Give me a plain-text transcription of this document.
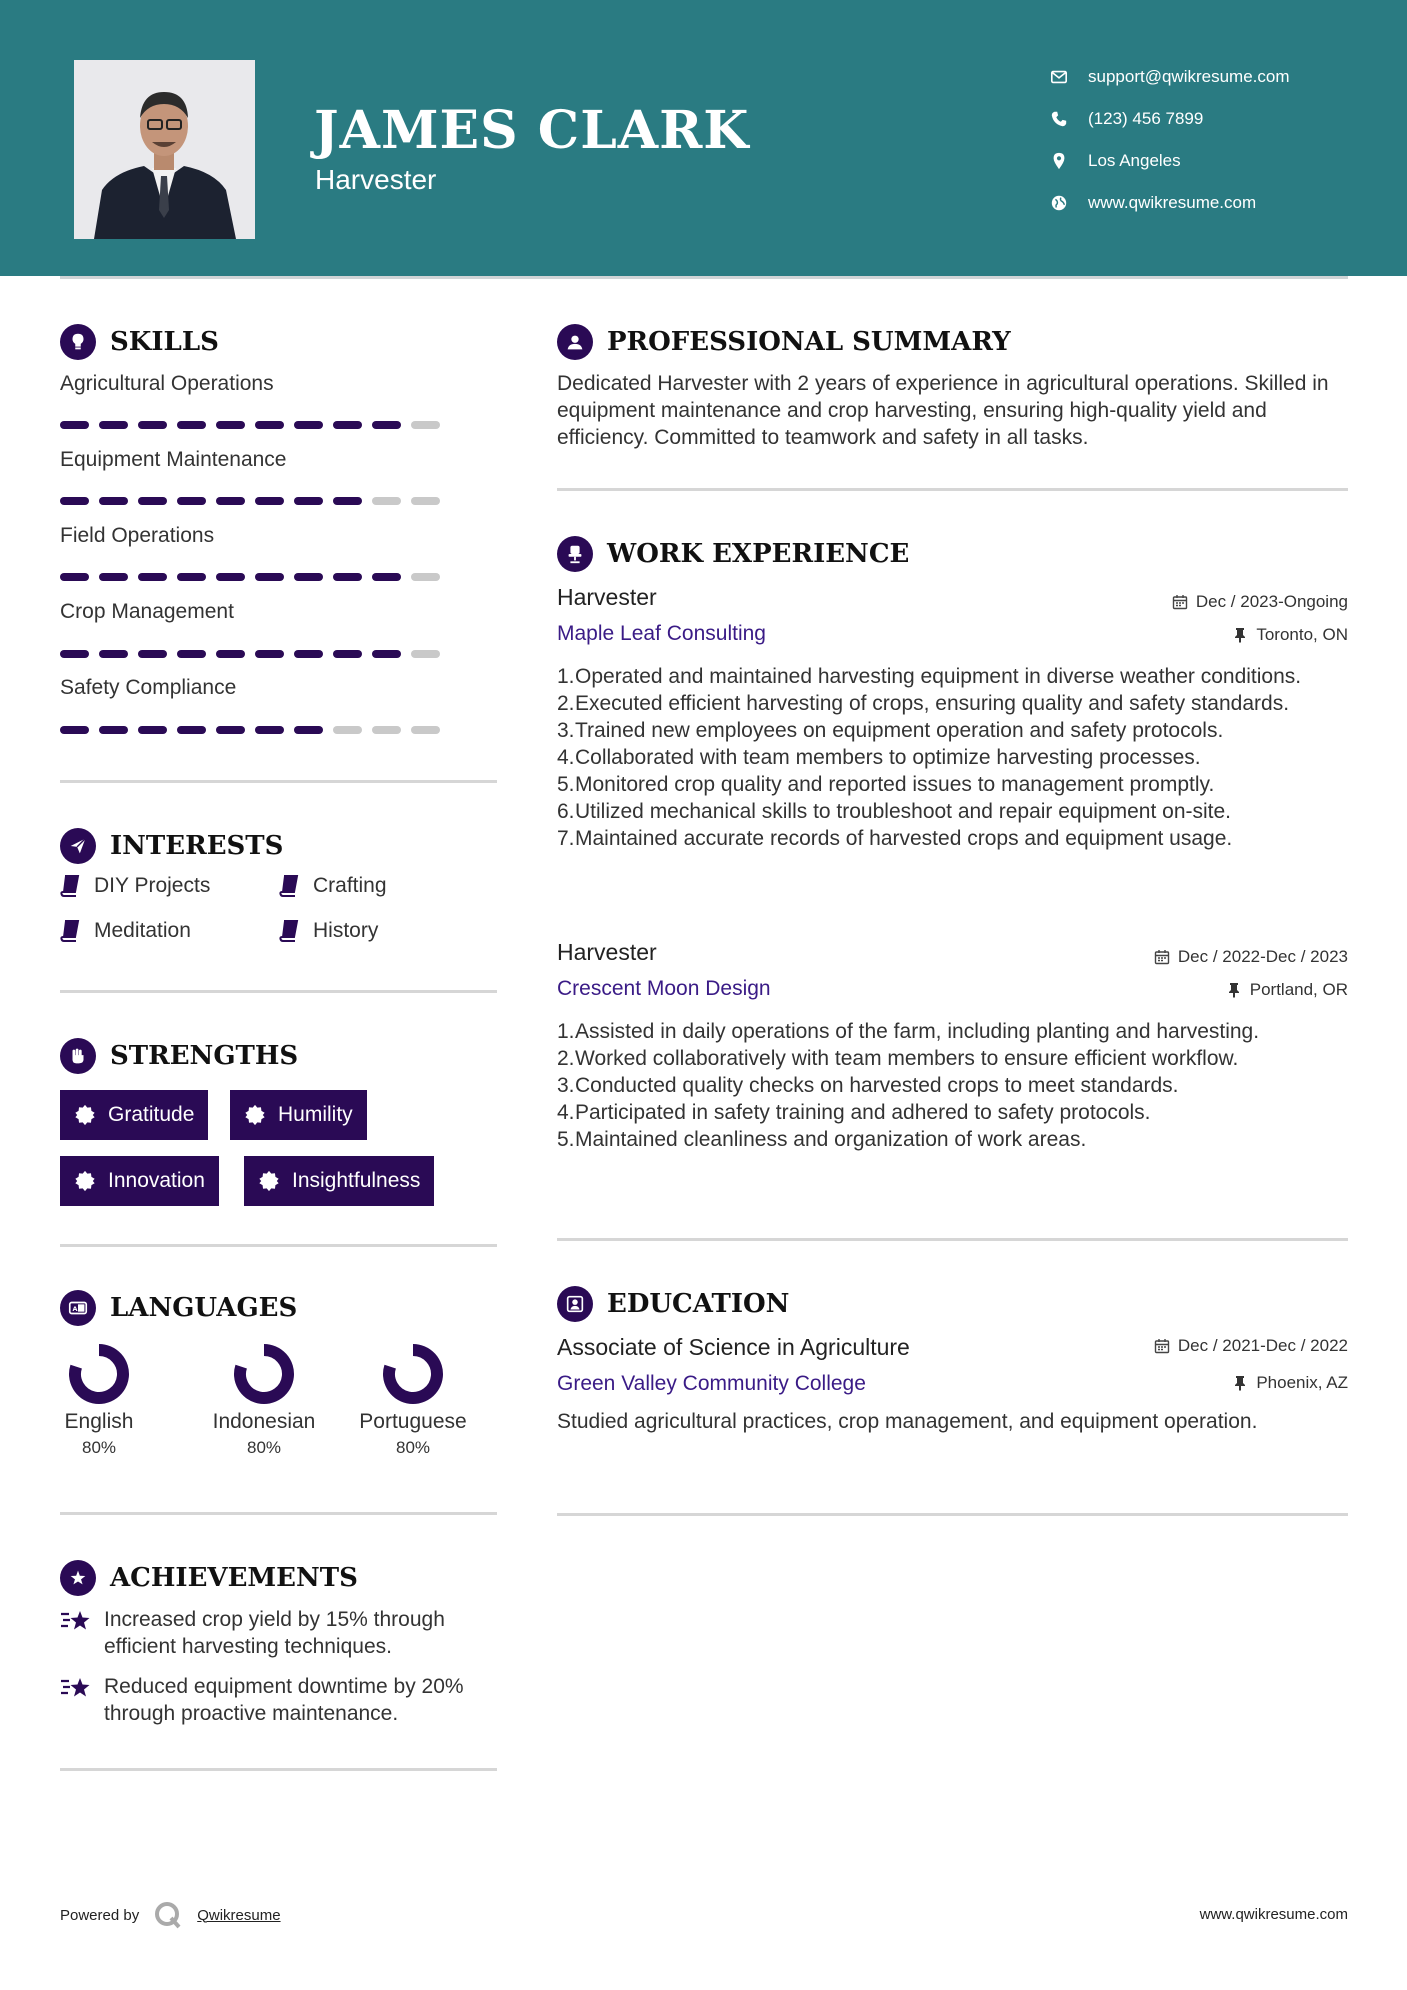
JAMES CLARK
Harvester
support@qwikresume.com
(123) 456 7899
Los Angeles
www.qwikresume.com
SKILLS
Agricultural Operations
Equipment Maintenance
Field Operations
Crop Management
Safety Compliance
INTERESTS
DIY Projects	Crafting
Meditation	History
STRENGTHS
Gratitude	Humility
Innovation	Insightfulness
A LANGUAGES
English
80%
Indonesian
80%
Portuguese
80%
ACHIEVEMENTS
Increased crop yield by 15% through efficient harvesting techniques.
Reduced equipment downtime by 20% through proactive maintenance.
PROFESSIONAL SUMMARY
Dedicated Harvester with 2 years of experience in agricultural operations. Skilled in equipment maintenance and crop harvesting, ensuring high-quality yield and efficiency. Committed to teamwork and safety in all tasks.
WORK EXPERIENCE
Harvester	Dec / 2023-Ongoing
Maple Leaf Consulting	Toronto, ON
1. Operated and maintained harvesting equipment in diverse weather conditions.
2. Executed efficient harvesting of crops, ensuring quality and safety standards.
3. Trained new employees on equipment operation and safety protocols.
4. Collaborated with team members to optimize harvesting processes.
5. Monitored crop quality and reported issues to management promptly.
6. Utilized mechanical skills to troubleshoot and repair equipment on-site.
7. Maintained accurate records of harvested crops and equipment usage.
Harvester	Dec / 2022-Dec / 2023
Crescent Moon Design	Portland, OR
1. Assisted in daily operations of the farm, including planting and harvesting.
2. Worked collaboratively with team members to ensure efficient workflow.
3. Conducted quality checks on harvested crops to meet standards.
4. Participated in safety training and adhered to safety protocols.
5. Maintained cleanliness and organization of work areas.
EDUCATION
Associate of Science in Agriculture	Dec / 2021-Dec / 2022
Green Valley Community College	Phoenix, AZ
Studied agricultural practices, crop management, and equipment operation.
Powered by	Qwikresume	www.qwikresume.com
